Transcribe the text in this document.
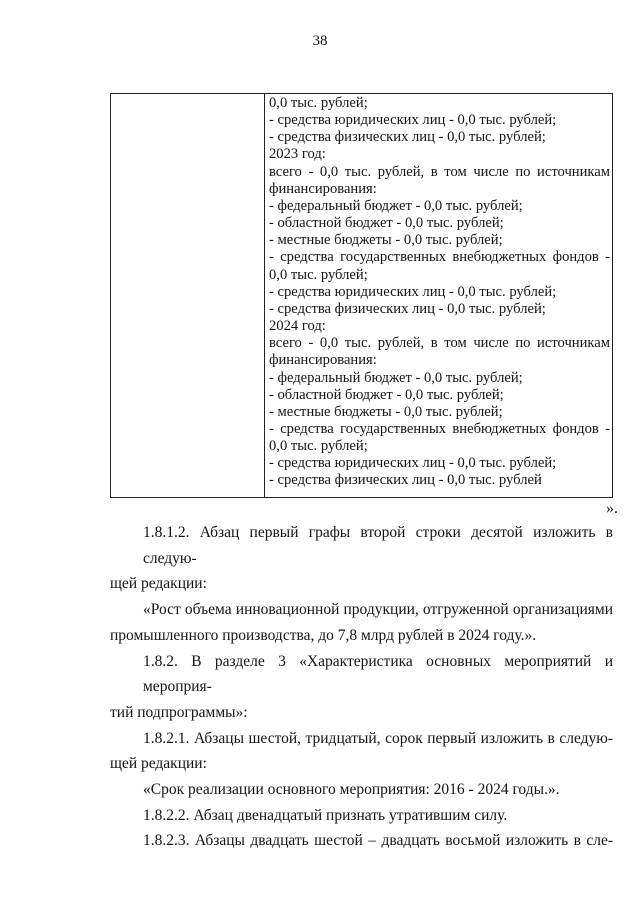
38
0,0 тыс. рублей;
- средства юридических лиц - 0,0 тыс. рублей;
- средства физических лиц - 0,0 тыс. рублей;
2023 год:
всего - 0,0 тыс. рублей, в том числе по источникам
финансирования:
- федеральный бюджет - 0,0 тыс. рублей;
- областной бюджет - 0,0 тыс. рублей;
- местные бюджеты - 0,0 тыс. рублей;
- средства государственных внебюджетных фондов -
0,0 тыс. рублей;
- средства юридических лиц - 0,0 тыс. рублей;
- средства физических лиц - 0,0 тыс. рублей;
2024 год:
всего - 0,0 тыс. рублей, в том числе по источникам
финансирования:
- федеральный бюджет - 0,0 тыс. рублей;
- областной бюджет - 0,0 тыс. рублей;
- местные бюджеты - 0,0 тыс. рублей;
- средства государственных внебюджетных фондов -
0,0 тыс. рублей;
- средства юридических лиц - 0,0 тыс. рублей;
- средства физических лиц - 0,0 тыс. рублей
».
1.8.1.2. Абзац первый графы второй строки десятой изложить в следую-
щей редакции:
«Рост объема инновационной продукции, отгруженной организациями
промышленного производства, до 7,8 млрд рублей в 2024 году.».
1.8.2. В разделе 3 «Характеристика основных мероприятий и мероприя-
тий подпрограммы»:
1.8.2.1. Абзацы шестой, тридцатый, сорок первый изложить в следую-
щей редакции:
«Срок реализации основного мероприятия: 2016 - 2024 годы.».
1.8.2.2. Абзац двенадцатый признать утратившим силу.
1.8.2.3. Абзацы двадцать шестой – двадцать восьмой изложить в сле-
